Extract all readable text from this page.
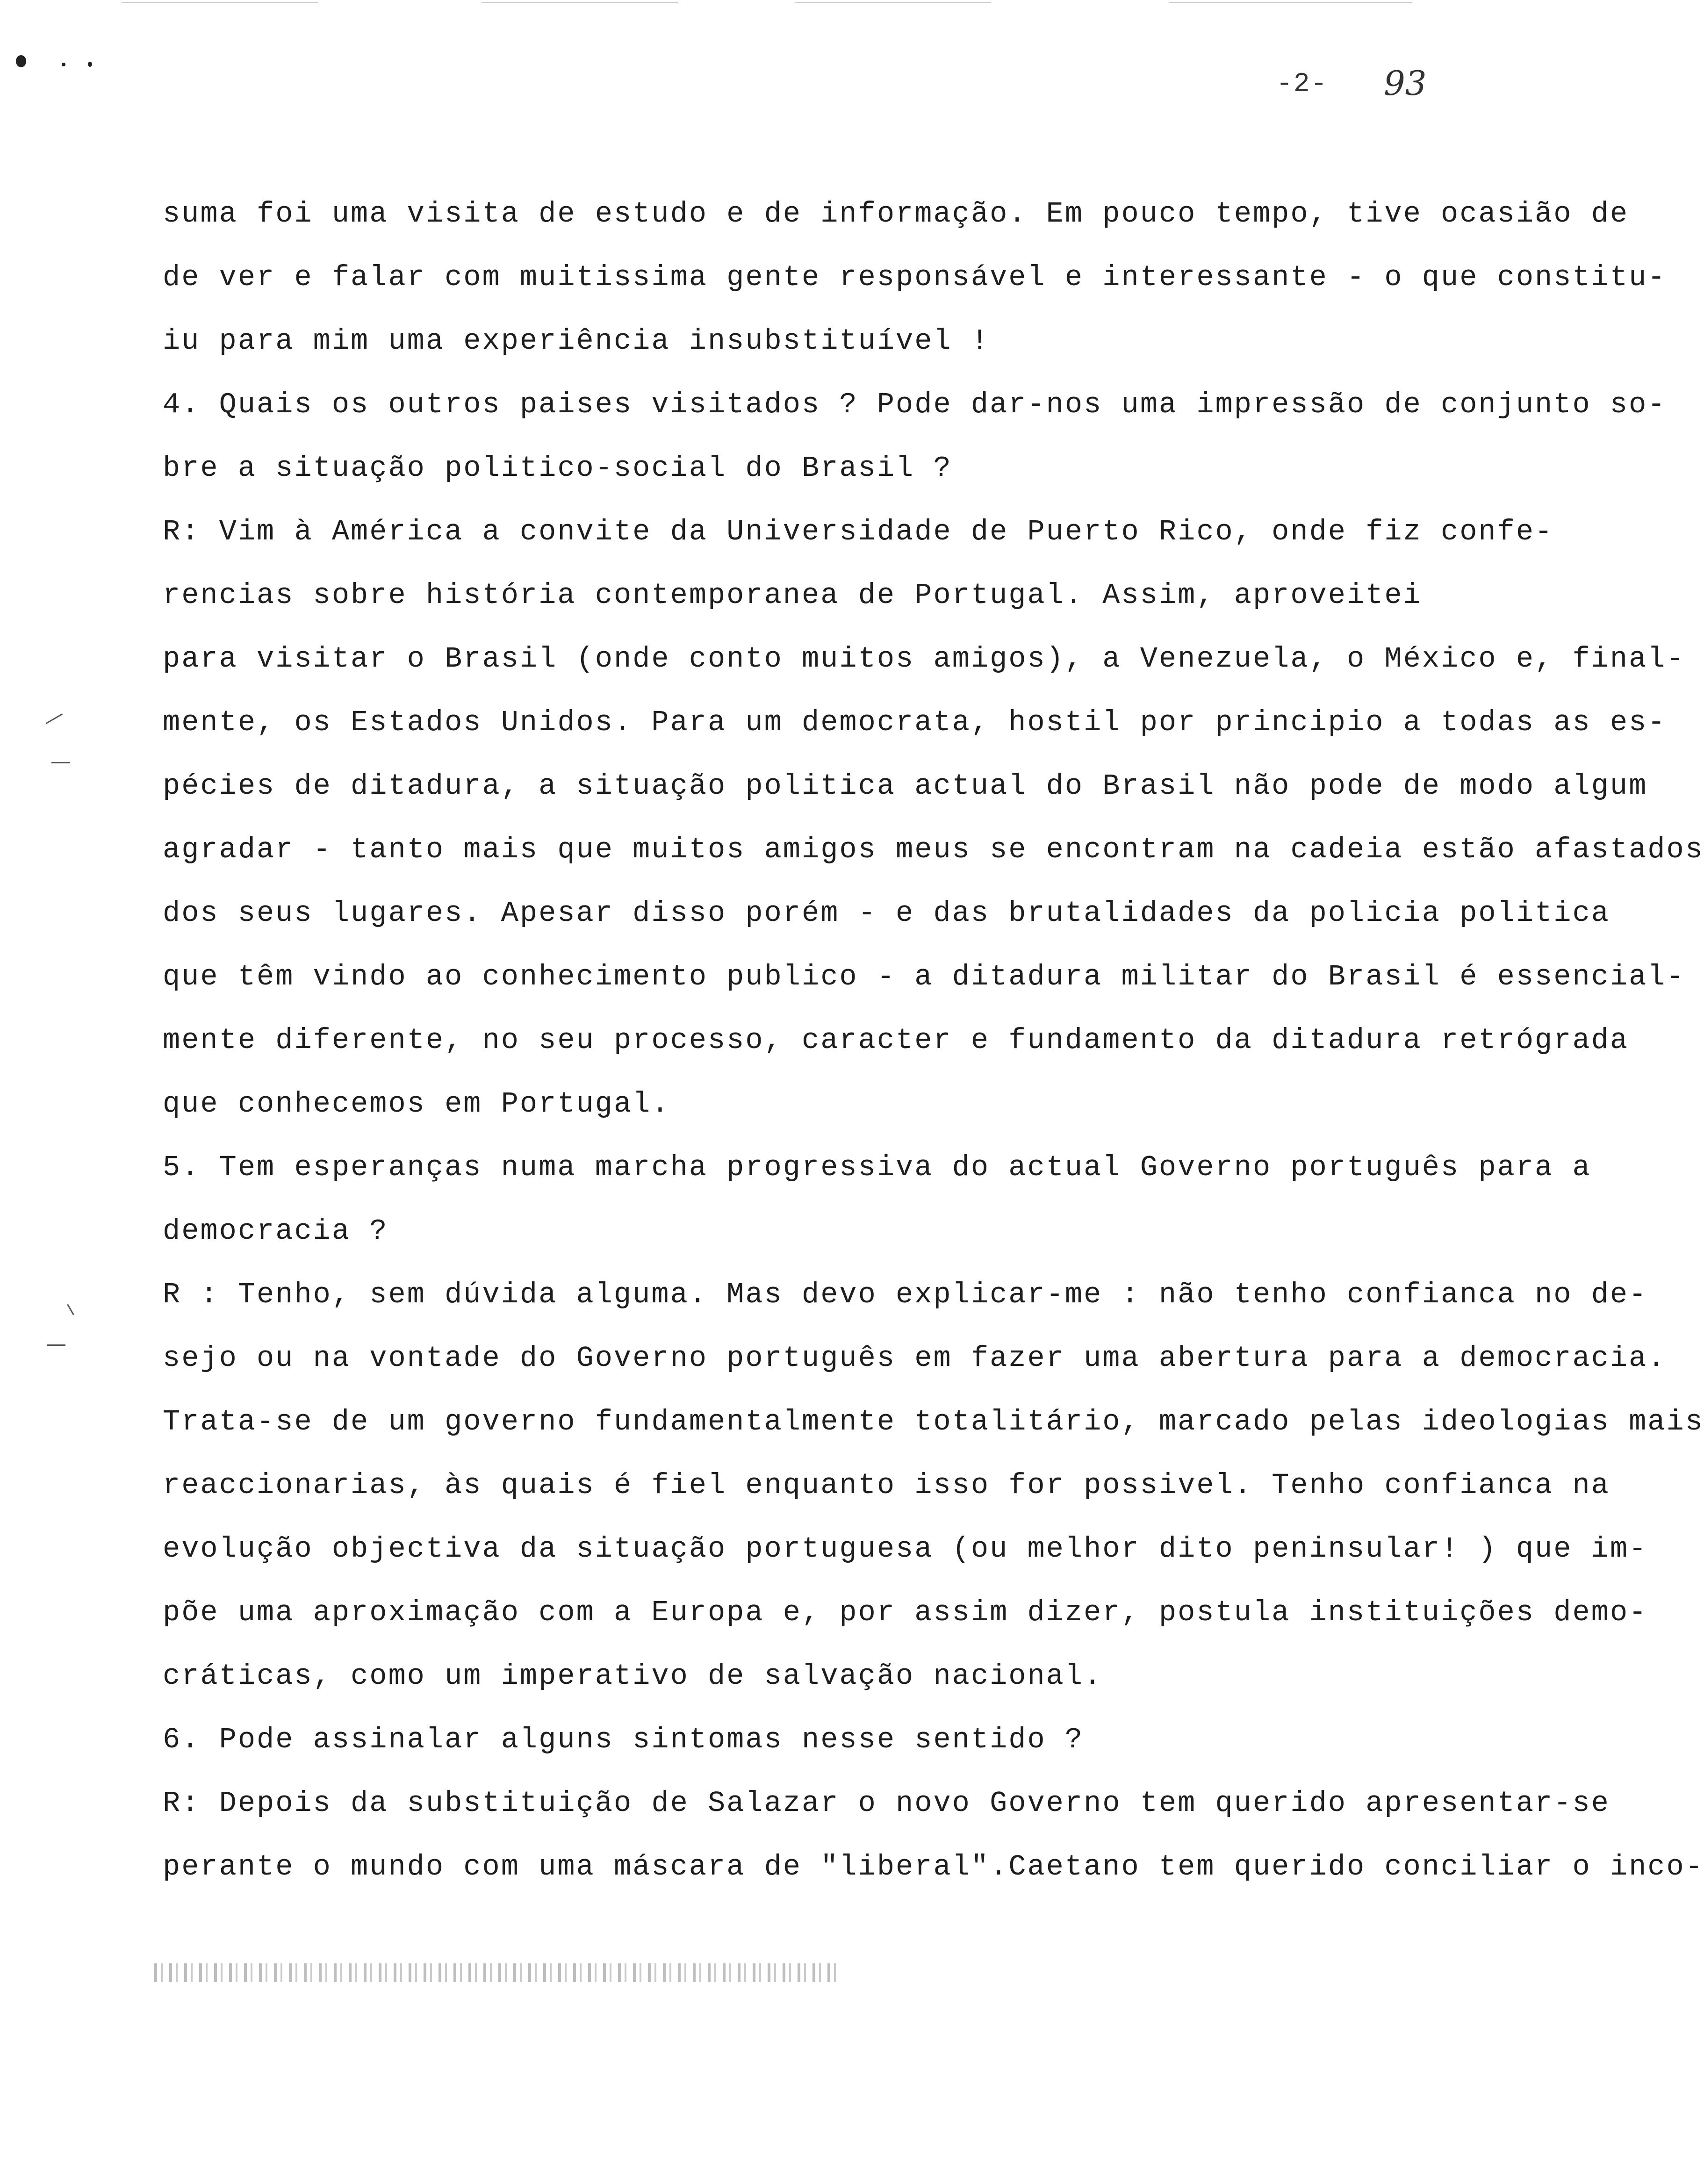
-2- 93
suma foi uma visita de estudo e de informação. Em pouco tempo, tive ocasião de
de ver e falar com muitissima gente responsável e interessante - o que constitu-
iu para mim uma experiência insubstituível !
4. Quais os outros paises visitados ? Pode dar-nos uma impressão de conjunto so-
bre a situação politico-social do Brasil ?
R: Vim à América a convite da Universidade de Puerto Rico, onde fiz confe-
rencias sobre história contemporanea de Portugal. Assim, aproveitei
para visitar o Brasil (onde conto muitos amigos), a Venezuela, o México e, final-
mente, os Estados Unidos. Para um democrata, hostil por principio a todas as es-
pécies de ditadura, a situação politica actual do Brasil não pode de modo algum
agradar - tanto mais que muitos amigos meus se encontram na cadeia estão afastados
dos seus lugares. Apesar disso porém - e das brutalidades da policia politica
que têm vindo ao conhecimento publico - a ditadura militar do Brasil é essencial-
mente diferente, no seu processo, caracter e fundamento da ditadura retrógrada
que conhecemos em Portugal.
5. Tem esperanças numa marcha progressiva do actual Governo português para a
democracia ?
R : Tenho, sem dúvida alguma. Mas devo explicar-me : não tenho confianca no de-
sejo ou na vontade do Governo português em fazer uma abertura para a democracia.
Trata-se de um governo fundamentalmente totalitário, marcado pelas ideologias mais
reaccionarias, às quais é fiel enquanto isso for possivel. Tenho confianca na
evolução objectiva da situação portuguesa (ou melhor dito peninsular! ) que im-
põe uma aproximação com a Europa e, por assim dizer, postula instituições demo-
cráticas, como um imperativo de salvação nacional.
6. Pode assinalar alguns sintomas nesse sentido ?
R: Depois da substituição de Salazar o novo Governo tem querido apresentar-se
perante o mundo com uma máscara de "liberal".Caetano tem querido conciliar o inco-
